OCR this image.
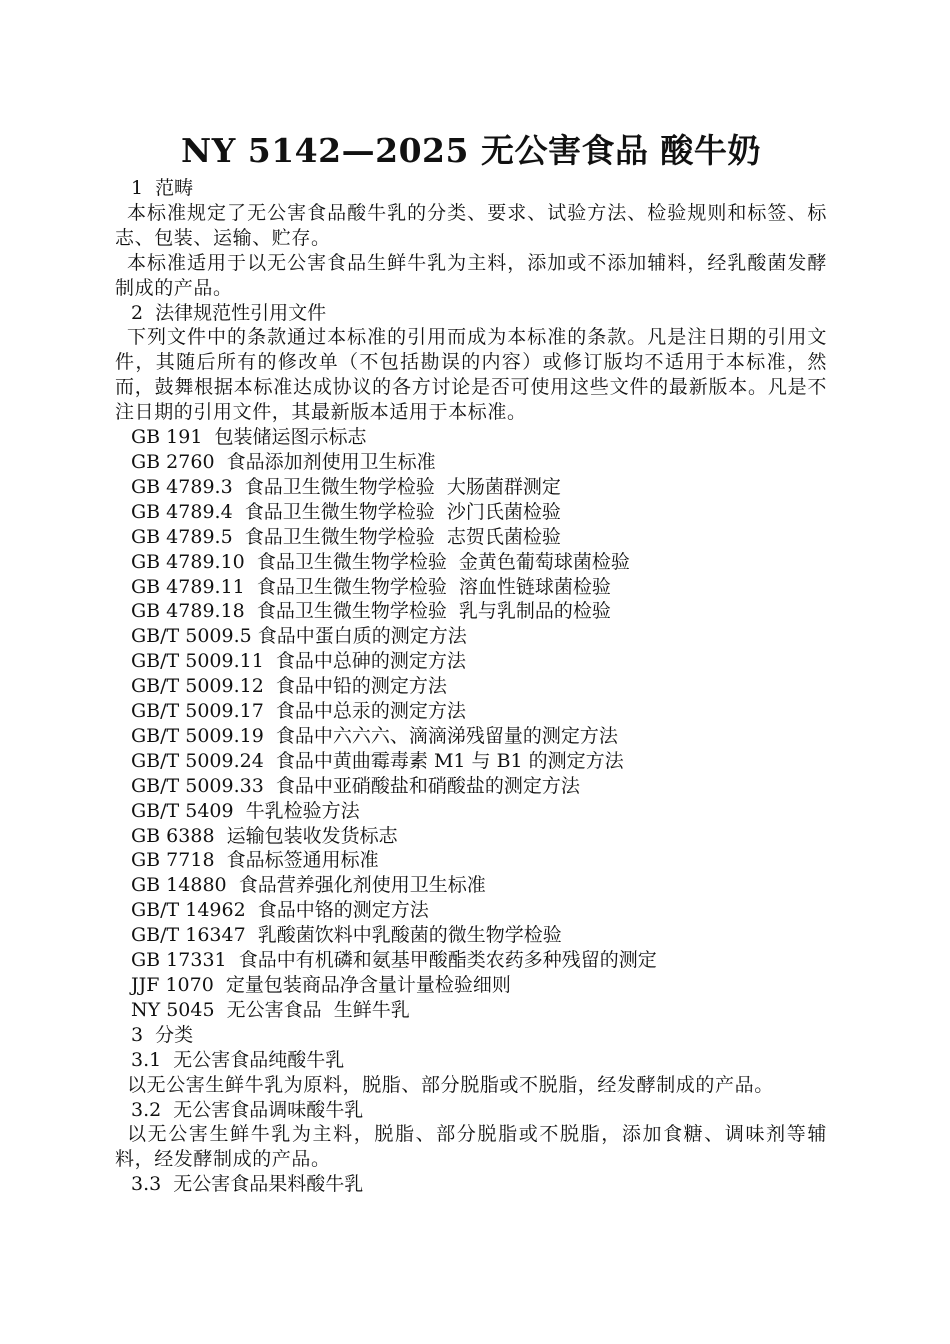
NY 5142—2025 无公害食品 酸牛奶

1  范畴

本标准规定了无公害食品酸牛乳的分类、要求、试验方法、检验规则和标签、标志、包装、运输、贮存。

本标准适用于以无公害食品生鲜牛乳为主料，添加或不添加辅料，经乳酸菌发酵制成的产品。

2  法律规范性引用文件

下列文件中的条款通过本标准的引用而成为本标准的条款。凡是注日期的引用文件，其随后所有的修改单（不包括勘误的内容）或修订版均不适用于本标准，然而，鼓舞根据本标准达成协议的各方讨论是否可使用这些文件的最新版本。凡是不注日期的引用文件，其最新版本适用于本标准。

GB 191  包装储运图示标志

GB 2760  食品添加剂使用卫生标准

GB 4789.3  食品卫生微生物学检验  大肠菌群测定

GB 4789.4  食品卫生微生物学检验  沙门氏菌检验

GB 4789.5  食品卫生微生物学检验  志贺氏菌检验

GB 4789.10  食品卫生微生物学检验  金黄色葡萄球菌检验

GB 4789.11  食品卫生微生物学检验  溶血性链球菌检验

GB 4789.18  食品卫生微生物学检验  乳与乳制品的检验

GB/T 5009.5 食品中蛋白质的测定方法

GB/T 5009.11  食品中总砷的测定方法

GB/T 5009.12  食品中铅的测定方法

GB/T 5009.17  食品中总汞的测定方法

GB/T 5009.19  食品中六六六、滴滴涕残留量的测定方法

GB/T 5009.24  食品中黄曲霉毒素 M1 与 B1 的测定方法

GB/T 5009.33  食品中亚硝酸盐和硝酸盐的测定方法

GB/T 5409  牛乳检验方法

GB 6388  运输包装收发货标志

GB 7718  食品标签通用标准

GB 14880  食品营养强化剂使用卫生标准

GB/T 14962  食品中铬的测定方法

GB/T 16347  乳酸菌饮料中乳酸菌的微生物学检验

GB 17331  食品中有机磷和氨基甲酸酯类农药多种残留的测定

JJF 1070  定量包装商品净含量计量检验细则

NY 5045  无公害食品  生鲜牛乳

3  分类

3.1  无公害食品纯酸牛乳

以无公害生鲜牛乳为原料，脱脂、部分脱脂或不脱脂，经发酵制成的产品。

3.2  无公害食品调味酸牛乳

以无公害生鲜牛乳为主料，脱脂、部分脱脂或不脱脂，添加食糖、调味剂等辅料，经发酵制成的产品。

3.3  无公害食品果料酸牛乳
